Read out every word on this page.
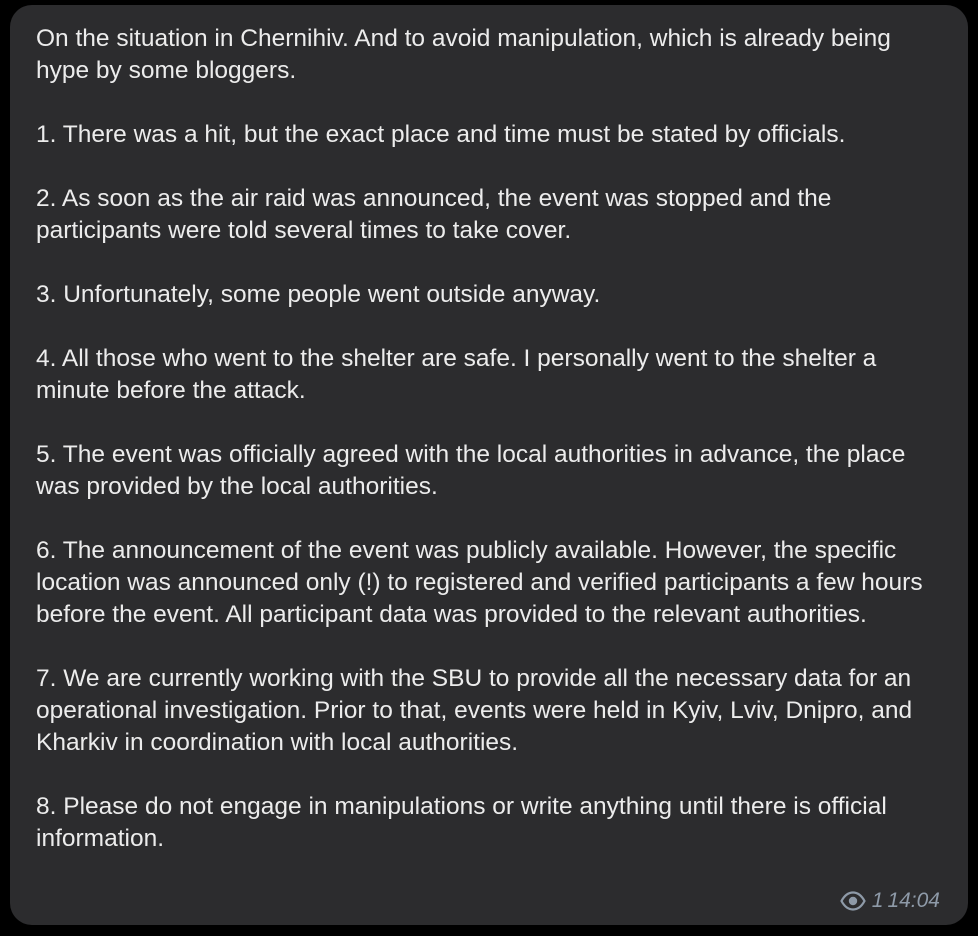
On the situation in Chernihiv. And to avoid manipulation, which is already being hype by some bloggers.

1. There was a hit, but the exact place and time must be stated by officials.

2. As soon as the air raid was announced, the event was stopped and the participants were told several times to take cover.

3. Unfortunately, some people went outside anyway.

4. All those who went to the shelter are safe. I personally went to the shelter a minute before the attack.

5. The event was officially agreed with the local authorities in advance, the place was provided by the local authorities.

6. The announcement of the event was publicly available. However, the specific location was announced only (!) to registered and verified participants a few hours before the event. All participant data was provided to the relevant authorities.

7. We are currently working with the SBU to provide all the necessary data for an operational investigation. Prior to that, events were held in Kyiv, Lviv, Dnipro, and Kharkiv in coordination with local authorities.

8. Please do not engage in manipulations or write anything until there is official information.

1 14:04
